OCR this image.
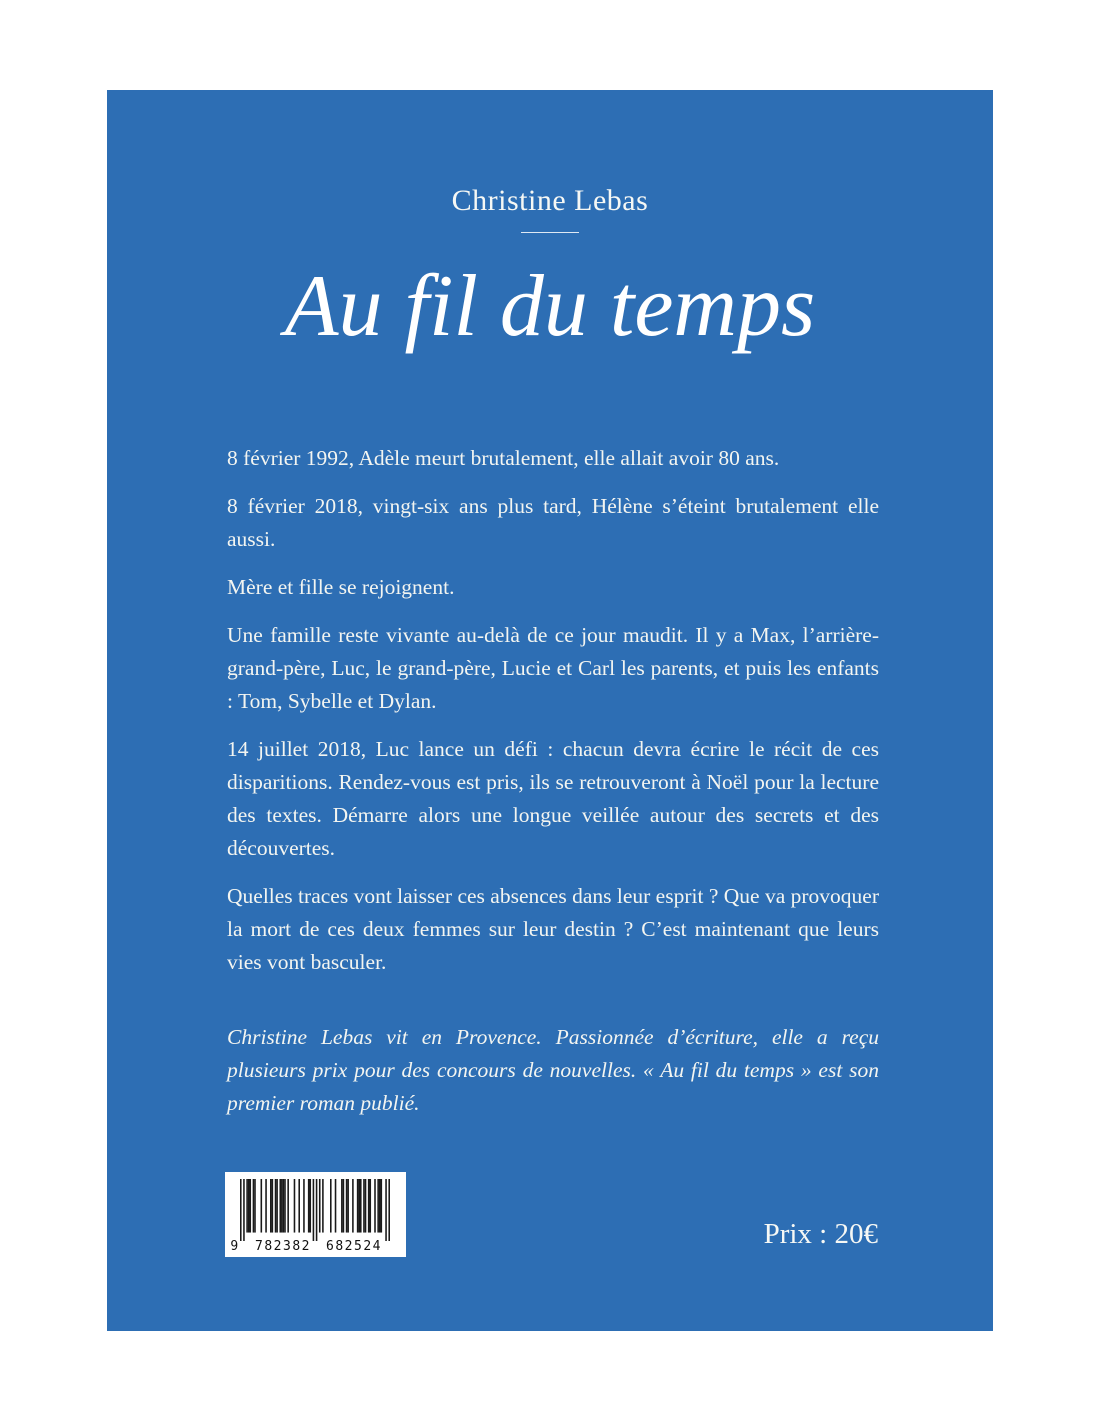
Christine Lebas
Au fil du temps

8 février 1992, Adèle meurt brutalement, elle allait avoir 80 ans.

8 février 2018, vingt-six ans plus tard, Hélène s’éteint brutalement elle aussi.

Mère et fille se rejoignent.

Une famille reste vivante au-delà de ce jour maudit. Il y a Max, l’arrière-grand-père, Luc, le grand-père, Lucie et Carl les parents, et puis les enfants : Tom, Sybelle et Dylan.

14 juillet 2018, Luc lance un défi : chacun devra écrire le récit de ces disparitions. Rendez-vous est pris, ils se retrouveront à Noël pour la lecture des textes. Démarre alors une longue veillée autour des secrets et des découvertes.

Quelles traces vont laisser ces absences dans leur esprit ? Que va provoquer la mort de ces deux femmes sur leur destin ? C’est maintenant que leurs vies vont basculer.

Christine Lebas vit en Provence. Passionnée d’écriture, elle a reçu plusieurs prix pour des concours de nouvelles. « Au fil du temps » est son premier roman publié.

9	782382	682524	Prix : 20€
